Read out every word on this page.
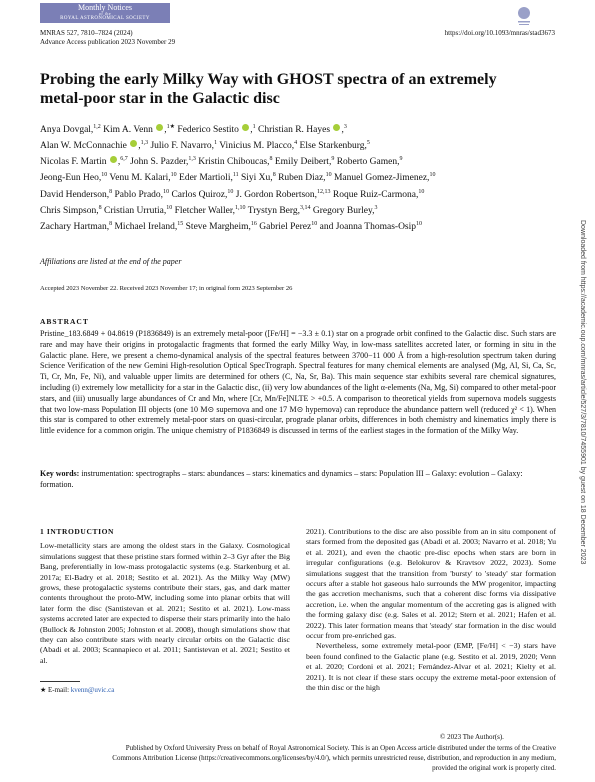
Monthly Notices
of the
ROYAL ASTRONOMICAL SOCIETY
MNRAS 527, 7810–7824 (2024)
Advance Access publication 2023 November 29
https://doi.org/10.1093/mnras/stad3673
Probing the early Milky Way with GHOST spectra of an extremely metal-poor star in the Galactic disc
Anya Dovgal,$^{1,2}$ Kim A. Venn ,$^{1★}$ Federico Sestito ,$^1$ Christian R. Hayes ,$^3$
Alan W. McConnachie ,$^{1,3}$ Julio F. Navarro,$^1$ Vinicius M. Placco,$^4$ Else Starkenburg,$^5$
Nicolas F. Martin ,$^{6,7}$ John S. Pazder,$^{1,3}$ Kristin Chiboucas,$^8$ Emily Deibert,$^9$ Roberto Gamen,$^9$
Jeong-Eun Heo,$^{10}$ Venu M. Kalari,$^{10}$ Eder Martioli,$^{11}$ Siyi Xu,$^8$ Ruben Diaz,$^{10}$ Manuel Gomez-Jimenez,$^{10}$
David Henderson,$^8$ Pablo Prado,$^{10}$ Carlos Quiroz,$^{10}$ J. Gordon Robertson,$^{12,13}$ Roque Ruiz-Carmona,$^{10}$
Chris Simpson,$^8$ Cristian Urrutia,$^{10}$ Fletcher Waller,$^{1,10}$ Trystyn Berg,$^{3,14}$ Gregory Burley,$^3$
Zachary Hartman,$^8$ Michael Ireland,$^{15}$ Steve Margheim,$^{16}$ Gabriel Perez$^{10}$ and Joanna Thomas-Osip$^{10}$
Affiliations are listed at the end of the paper
Accepted 2023 November 22. Received 2023 November 17; in original form 2023 September 26
ABSTRACT
Pristine_183.6849 + 04.8619 (P1836849) is an extremely metal-poor ([Fe/H] = −3.3 ± 0.1) star on a prograde orbit confined to the Galactic disc. Such stars are rare and may have their origins in protogalactic fragments that formed the early Milky Way, in low-mass satellites accreted later, or forming in situ in the Galactic plane. Here, we present a chemo-dynamical analysis of the spectral features between 3700−11 000 Å from a high-resolution spectrum taken during Science Verification of the new Gemini High-resolution Optical SpecTrograph. Spectral features for many chemical elements are analysed (Mg, Al, Si, Ca, Sc, Ti, Cr, Mn, Fe, Ni), and valuable upper limits are determined for others (C, Na, Sr, Ba). This main sequence star exhibits several rare chemical signatures, including (i) extremely low metallicity for a star in the Galactic disc, (ii) very low abundances of the light α-elements (Na, Mg, Si) compared to other metal-poor stars, and (iii) unusually large abundances of Cr and Mn, where [Cr, Mn/Fe]NLTE > +0.5. A comparison to theoretical yields from supernova models suggests that two low-mass Population III objects (one 10 M⊙ supernova and one 17 M⊙ hypernova) can reproduce the abundance pattern well (reduced χ² < 1). When this star is compared to other extremely metal-poor stars on quasi-circular, prograde planar orbits, differences in both chemistry and kinematics imply there is little evidence for a common origin. The unique chemistry of P1836849 is discussed in terms of the earliest stages in the formation of the Milky Way.
Key words: instrumentation: spectrographs – stars: abundances – stars: kinematics and dynamics – stars: Population III – Galaxy: evolution – Galaxy: formation.	Downloaded from https://academic.oup.com/mnras/article/527/3/7810/7455901 by guest on 18 December 2023
1 INTRODUCTION

Low-metallicity stars are among the oldest stars in the Galaxy. Cosmological simulations suggest that these pristine stars formed within 2–3 Gyr after the Big Bang, preferentially in low-mass protogalactic systems (e.g. Starkenburg et al. 2017a; El-Badry et al. 2018; Sestito et al. 2021). As the Milky Way (MW) grows, these protogalactic systems contribute their stars, gas, and dark matter contents throughout the proto-MW, including some into planar orbits that will later form the disc (Santistevan et al. 2021; Sestito et al. 2021). Low-mass systems accreted later are expected to disperse their stars primarily into the halo (Bullock & Johnston 2005; Johnston et al. 2008), though simulations show that they can also contribute stars with nearly circular orbits on the Galactic disc (Abadi et al. 2003; Scannapieco et al. 2011; Santistevan et al. 2021; Sestito et al.

2021). Contributions to the disc are also possible from an in situ component of stars formed from the deposited gas (Abadi et al. 2003; Navarro et al. 2018; Yu et al. 2021), and even the chaotic pre-disc epochs when stars are born in irregular configurations (e.g. Belokurov & Kravtsov 2022, 2023). Some simulations suggest that the transition from 'bursty' to 'steady' star formation occurs after a stable hot gaseous halo surrounds the MW progenitor, impacting the gas accretion mechanisms, such that a coherent disc forms via dissipative accretion, i.e. when the angular momentum of the accreting gas is aligned with the forming galaxy disc (e.g. Sales et al. 2012; Stern et al. 2021; Hafen et al. 2022). This later formation means that 'steady' star formation in the disc would occur from pre-enriched gas.

Nevertheless, some extremely metal-poor (EMP, [Fe/H] < −3) stars have been found confined to the Galactic plane (e.g. Sestito et al. 2019, 2020; Venn et al. 2020; Cordoni et al. 2021; Fernández-Alvar et al. 2021; Kielty et al. 2021). It is not clear if these stars occupy the extreme metal-poor extension of the thin disc or the high

★ E-mail: kvenn@uvic.ca
© 2023 The Author(s).
Published by Oxford University Press on behalf of Royal Astronomical Society. This is an Open Access article distributed under the terms of the Creative
Commons Attribution License (https://creativecommons.org/licenses/by/4.0/), which permits unrestricted reuse, distribution, and reproduction in any medium,
provided the original work is properly cited.
